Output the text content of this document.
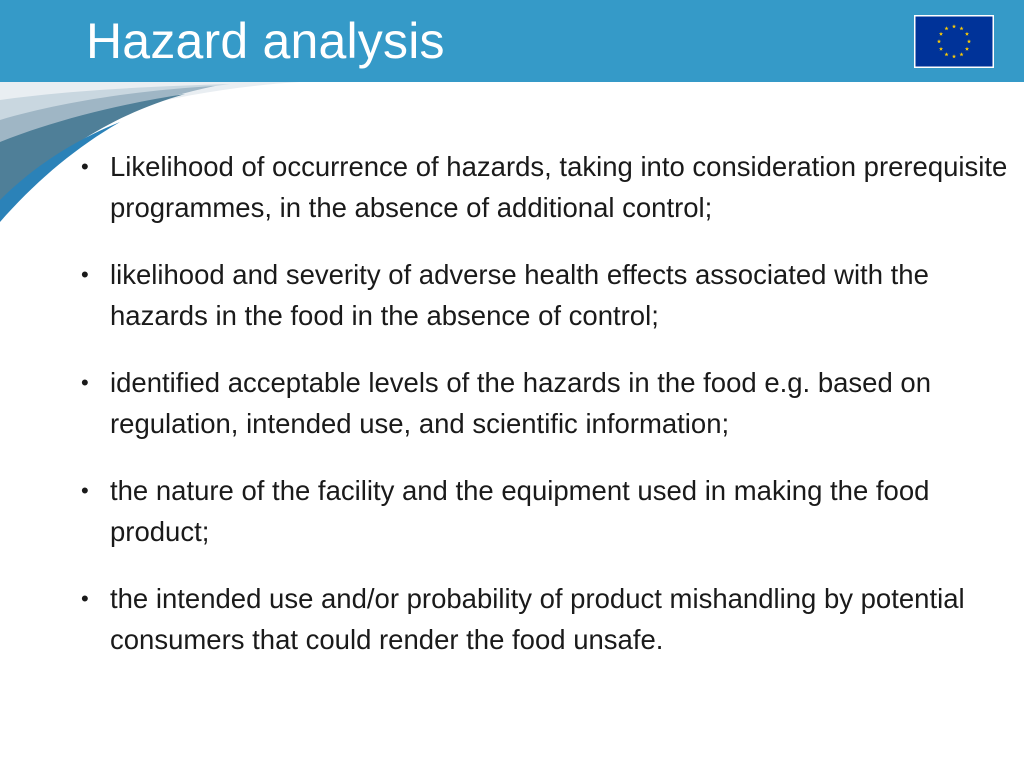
Hazard analysis
• Likelihood of occurrence of hazards, taking into consideration prerequisite programmes, in the absence of additional control;
• likelihood and severity of adverse health effects associated with the hazards in the food in the absence of control;
• identified acceptable levels of the hazards in the food e.g. based on regulation, intended use, and scientific information;
• the nature of the facility and the equipment used in making the food product;
• the intended use and/or probability of product mishandling by potential consumers that could render the food unsafe.
